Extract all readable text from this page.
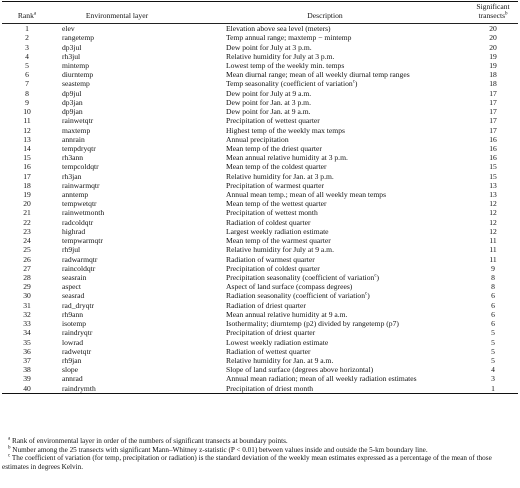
Rank$^a$	Environmental layer	Description	Significant transects$^b$
1	elev	Elevation above sea level (meters)	20
2	rangetemp	Temp annual range; maxtemp − mintemp	20
3	dp3jul	Dew point for July at 3 p.m.	20
4	rh3jul	Relative humidity for July at 3 p.m.	19
5	mintemp	Lowest temp of the weekly min. temps	19
6	diurntemp	Mean diurnal range; mean of all weekly diurnal temp ranges	18
7	seastemp	Temp seasonality (coefficient of variation$^c$)	18
8	dp9jul	Dew point for July at 9 a.m.	17
9	dp3jan	Dew point for Jan. at 3 p.m.	17
10	dp9jan	Dew point for Jan. at 9 a.m.	17
11	rainwetqtr	Precipitation of wettest quarter	17
12	maxtemp	Highest temp of the weekly max temps	17
13	annrain	Annual precipitation	16
14	tempdryqtr	Mean temp of the driest quarter	16
15	rh3ann	Mean annual relative humidity at 3 p.m.	16
16	tempcoldqtr	Mean temp of the coldest quarter	15
17	rh3jan	Relative humidity for Jan. at 3 p.m.	15
18	rainwarmqtr	Precipitation of warmest quarter	13
19	anntemp	Annual mean temp.; mean of all weekly mean temps	13
20	tempwetqtr	Mean temp of the wettest quarter	12
21	rainwetmonth	Precipitation of wettest month	12
22	radcoldqtr	Radiation of coldest quarter	12
23	highrad	Largest weekly radiation estimate	12
24	tempwarmqtr	Mean temp of the warmest quarter	11
25	rh9jul	Relative humidity for July at 9 a.m.	11
26	radwarmqtr	Radiation of warmest quarter	11
27	raincoldqtr	Precipitation of coldest quarter	9
28	seasrain	Precipitation seasonality (coefficient of variation$^c$)	8
29	aspect	Aspect of land surface (compass degrees)	8
30	seasrad	Radiation seasonality (coefficient of variation$^c$)	6
31	rad_dryqtr	Radiation of driest quarter	6
32	rh9ann	Mean annual relative humidity at 9 a.m.	6
33	isotemp	Isothermality; diurntemp (p2) divided by rangetemp (p7)	6
34	raindryqtr	Precipitation of driest quarter	5
35	lowrad	Lowest weekly radiation estimate	5
36	radwetqtr	Radiation of wettest quarter	5
37	rh9jan	Relative humidity for Jan. at 9 a.m.	5
38	slope	Slope of land surface (degrees above horizontal)	4
39	annrad	Annual mean radiation; mean of all weekly radiation estimates	3
40	raindrymth	Precipitation of driest month	1

$^a$ Rank of environmental layer in order of the numbers of significant transects at boundary points.

$^b$ Number among the 25 transects with significant Mann–Whitney z-statistic (P < 0.01) between values inside and outside the 5-km boundary line.

$^c$ The coefficient of variation (for temp, precipitation or radiation) is the standard deviation of the weekly mean estimates expressed as a percentage of the mean of those estimates in degrees Kelvin.
